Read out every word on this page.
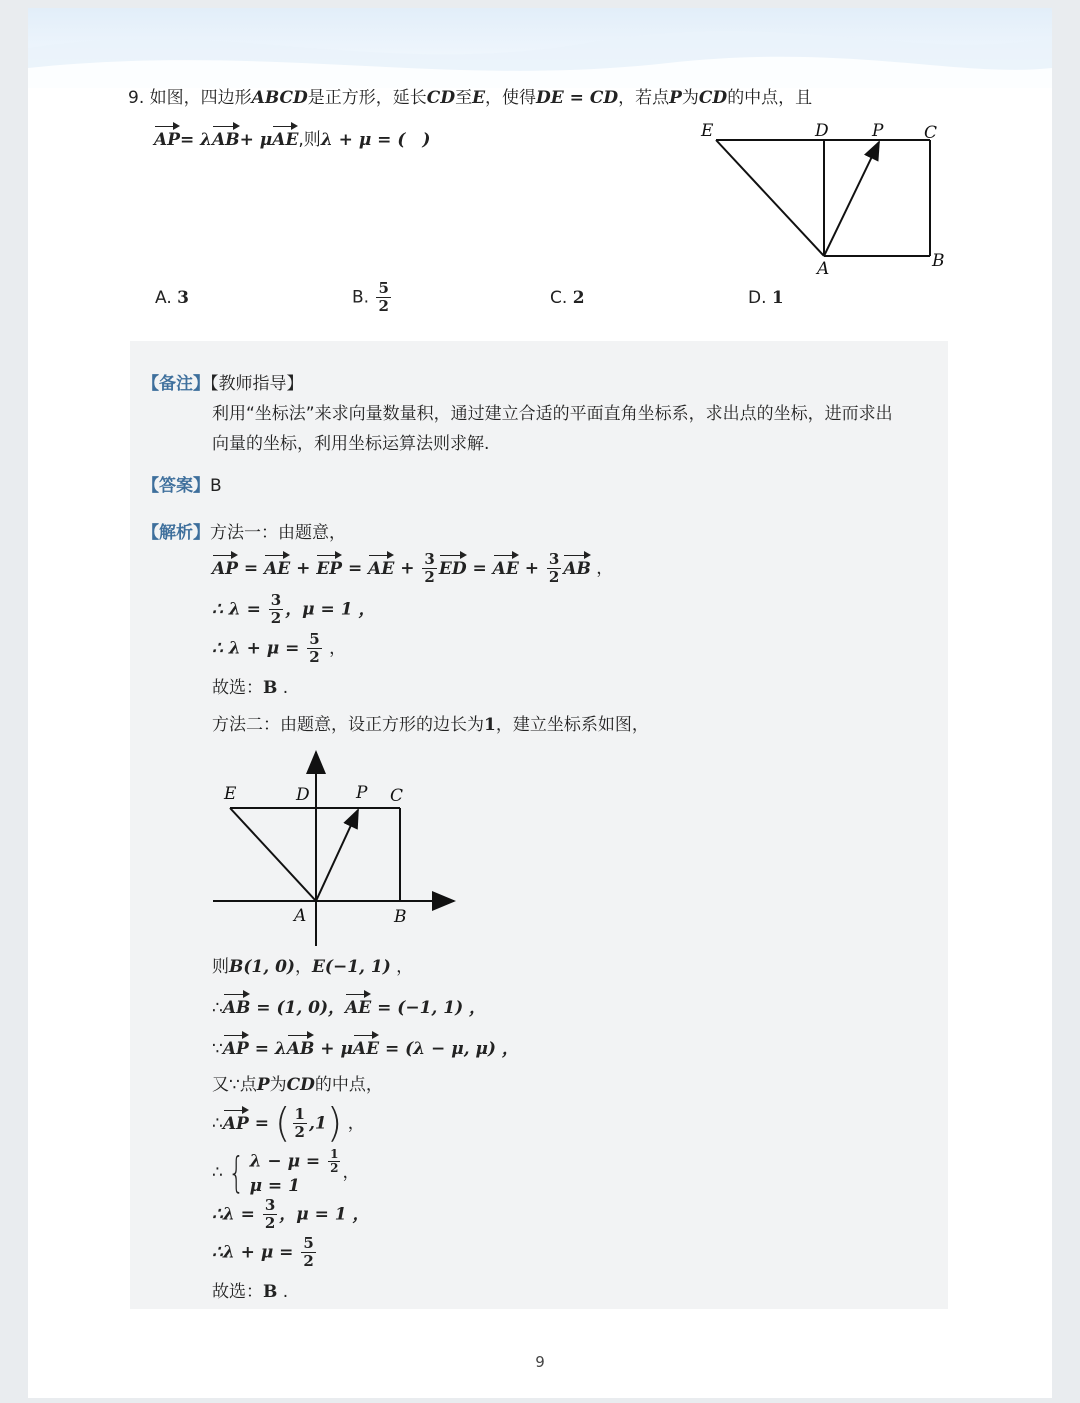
9. 如图，四边形ABCD是正方形，延长CD至E，使得DE = CD，若点P为CD的中点，且
AP= λAB+ μAE,则λ + μ = (　)	E	D	P C
A	B
A. 3	B. $\frac{5}{2}$	C. 2	D. 1
【备注】【教师指导】
利用“坐标法”来求向量数量积，通过建立合适的平面直角坐标系，求出点的坐标，进而求出
向量的坐标，利用坐标运算法则求解.
【答案】B
【解析】方法一：由题意，
AP = AE + EP = AE + $\frac{3}{2}$ ED = AE + $\frac{3}{2}$ AB ，
∴ $\lambda = \frac{3}{2}$ ，μ = 1 ，
∴ $\lambda + \mu = \frac{5}{2}$ ，
故选：B .
方法二：由题意，设正方形的边长为1，建立坐标系如图，
E	D	P C
A	B
则B(1, 0)，E(−1, 1) ，
∴AB = (1, 0)，AE = (−1, 1) ，
∵AP = λAB + μAE = (λ − μ, μ) ，
又∵点P为CD的中点，
∴AP = ( $\frac{1}{2} ,1$) ，
∴ { $\lambda - \mu = \frac{1}{2}$
μ = 1
，
∴λ = $\frac{3}{2}$ ，μ = 1 ，
∴λ + $\mu = \frac{5}{2}$
故选：B .
9
